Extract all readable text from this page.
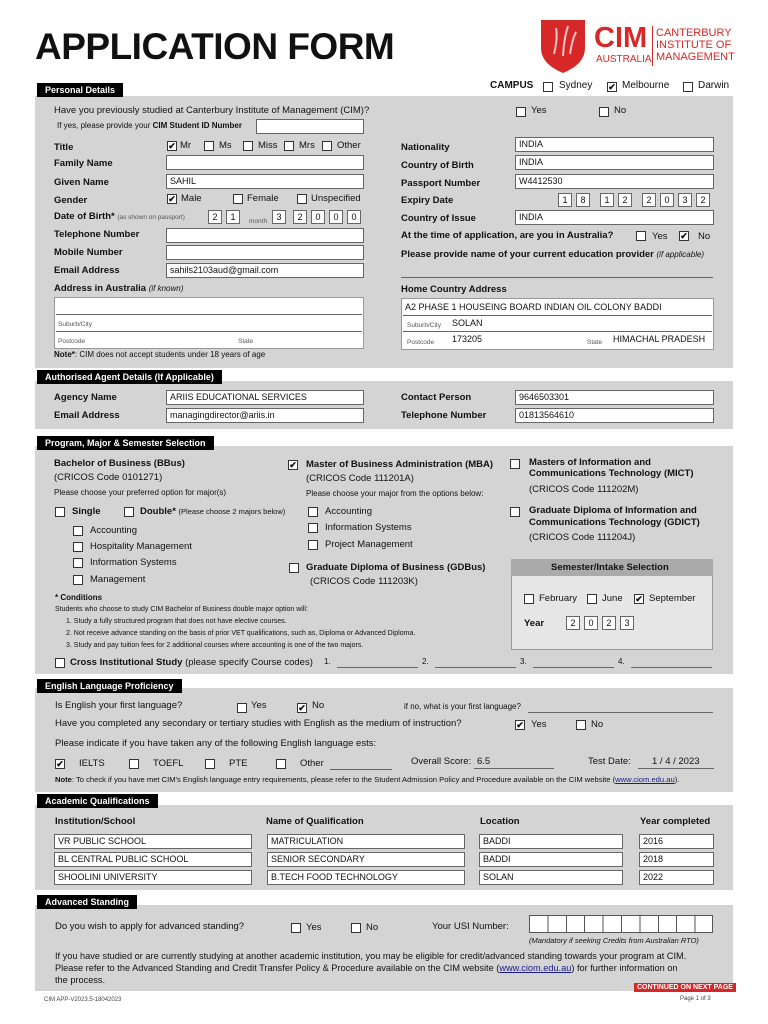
APPLICATION FORM	CIM
AUSTRALIA
CANTERBURY
INSTITUTE OF
MANAGEMENT
Personal Details	CAMPUS	Sydney ✔ Melbourne	Darwin
Have you previously studied at Canterbury Institute of Management (CIM)?	Yes	No
If yes, please provide your CIM Student ID Number
Title	✔ Mr	Ms	Miss Mrs Other
Family Name
Given Name	SAHIL
Gender	✔ Male	Female	Unspecified
Date of Birth* (as shown on passport)	2	1	month	3	2	0	0	0
Telephone Number
Mobile Number
Email Address	sahils2103aud@gmail.com
Address in Australia (if known)
Suburb/City
Postcode	State
Note*: CIM does not accept students under 18 years of age
Nationality	INDIA
Country of Birth	INDIA
Passport Number	W4412530
Expiry Date	1	8	1	2	2	0	3	2
Country of Issue	INDIA
At the time of application, are you in Australia?	Yes ✔ No
Please provide name of your current education provider (if applicable)
Home Country Address
A2 PHASE 1 HOUSEING BOARD INDIAN OIL COLONY BADDI
Suburb/City SOLAN
Postcode 173205	State HIMACHAL PRADESH
Authorised Agent Details (If Applicable)
Agency Name	ARIIS EDUCATIONAL SERVICES
Email Address	managingdirector@ariis.in
Contact Person	9646503301
Telephone Number	01813564610
Program, Major & Semester Selection
Bachelor of Business (BBus)
(CRICOS Code 0101271)
Please choose your preferred option for major(s)
Single	Double* (Please choose 2 majors below)
Accounting
Hospitality Management
Information Systems
Management
✔ Master of Business Administration (MBA)
(CRICOS Code 111201A)
Please choose your major from the options below:
Accounting
Information Systems
Project Management
Graduate Diploma of Business (GDBus)
(CRICOS Code 111203K)
Masters of Information and
Communications Technology (MICT)
(CRICOS Code 111202M)
Graduate Diploma of Information and
Communications Technology (GDICT)
(CRICOS Code 111204J)
Semester/Intake Selection
February	June ✔ September
Year	2	0	2	3
* Conditions
Students who choose to study CIM Bachelor of Business double major option will:
1. Study a fully structured program that does not have elective courses.
2. Not receive advance standing on the basis of prior VET qualifications, such as, Diploma or Advanced Diploma.
3. Study and pay tuition fees for 2 additional courses where accounting is one of the two majors.
Cross Institutional Study (please specify Course codes) 1.	2.	3.	4.
English Language Proficiency
Is English your first language?	Yes	✔ No	if no, what is your first language?
Have you completed any secondary or tertiary studies with English as the medium of instruction?	✔ Yes	No
Please indicate if you have taken any of the following English language ests:
✔ IELTS	TOEFL	PTE	Other	Overall Score: 6.5	Test Date: 1 / 4 / 2023
Note: To check if you have met CIM's English language entry requirements, please refer to the Student Admission Policy and Procedure available on the CIM website (www.ciom.edu.au).
Academic Qualifications
Institution/School	Name of Qualification	Location	Year completed
VR PUBLIC SCHOOL	MATRICULATION	BADDI	2016
BL CENTRAL PUBLIC SCHOOL	SENIOR SECONDARY	BADDI	2018
SHOOLINI UNIVERSITY	B.TECH FOOD TECHNOLOGY	SOLAN	2022
Advanced Standing
Do you wish to apply for advanced standing?	Yes	No	Your USI Number:
(Mandatory if seeking Credits from Australian RTO)
If you have studied or are currently studying at another academic institution, you may be eligible for credit/advanced standing towards your program at CIM.
Please refer to the Advanced Standing and Credit Transfer Policy & Procedure available on the CIM website (www.ciom.edu.au) for further information on
the process.
CIM APP-V2023.5-18042023
CONTINUED ON NEXT PAGE
Page 1 of 3
